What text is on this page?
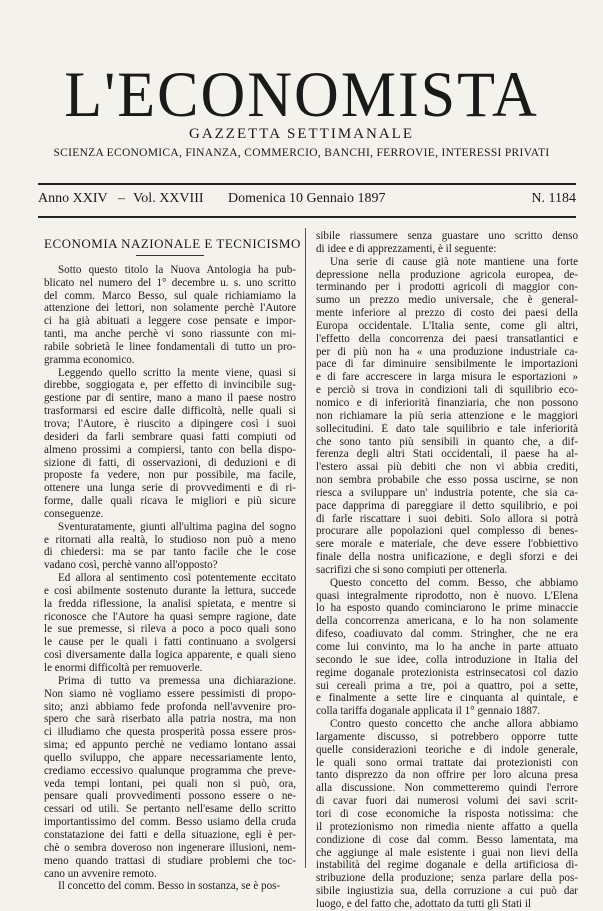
L'ECONOMISTA
GAZZETTA SETTIMANALE
SCIENZA ECONOMICA, FINANZA, COMMERCIO, BANCHI, FERROVIE, INTERESSI PRIVATI
Anno XXIV – Vol. XXVIII Domenica 10 Gennaio 1897	N. 1184
ECONOMIA NAZIONALE E TECNICISMO
Sotto questo titolo la Nuova Antologia ha pub-
blicato nel numero del 1° decembre u. s. uno scritto
del comm. Marco Besso, sul quale richiamiamo la
attenzione dei lettori, non solamente perchè l'Autore
ci ha già abituati a leggere cose pensate e impor-
tanti, ma anche perchè vi sono riassunte con mi-
rabile sobrietà le linee fondamentali di tutto un pro-
gramma economico.
Leggendo quello scritto la mente viene, quasi si
direbbe, soggiogata e, per effetto di invincibile sug-
gestione par di sentire, mano a mano il paese nostro
trasformarsi ed escire dalle difficoltà, nelle quali si
trova; l'Autore, è riuscito a dipingere così i suoi
desideri da farli sembrare quasi fatti compiuti od
almeno prossimi a compiersi, tanto con bella dispo-
sizione di fatti, di osservazioni, di deduzioni e di
proposte fa vedere, non pur possibile, ma facile,
ottenere una lunga serie di provvedimenti e di ri-
forme, dalle quali ricava le migliori e più sicure
conseguenze.
Sventuratamente, giunti all'ultima pagina del sogno
e ritornati alla realtà, lo studioso non può a meno
di chiedersi: ma se par tanto facile che le cose
vadano così, perchè vanno all'opposto?
Ed allora al sentimento così potentemente eccitato
e così abilmente sostenuto durante la lettura, succede
la fredda riflessione, la analisi spietata, e mentre si
riconosce che l'Autore ha quasi sempre ragione, date
le sue premesse, si rileva a poco a poco quali sono
le cause per le quali i fatti continuano a svolgersi
così diversamente dalla logica apparente, e quali sieno
le enormi difficoltà per remuoverle.
Prima di tutto va premessa una dichiarazione.
Non siamo nè vogliamo essere pessimisti di propo-
sito; anzi abbiamo fede profonda nell'avvenire pro-
spero che sarà riserbato alla patria nostra, ma non
ci illudiamo che questa prosperità possa essere pros-
sima; ed appunto perchè ne vediamo lontano assai
quello sviluppo, che appare necessariamente lento,
crediamo eccessivo qualunque programma che preve-
veda tempi lontani, pei quali non si può, ora,
pensare quali provvedimenti possono essere o ne-
cessari od utili. Se pertanto nell'esame dello scritto
importantissimo del comm. Besso usiamo della cruda
constatazione dei fatti e della situazione, egli è per-
chè o sembra doveroso non ingenerare illusioni, nem-
meno quando trattasi di studiare problemi che toc-
cano un avvenire remoto.
Il concetto del comm. Besso in sostanza, se è pos-
sibile riassumere senza guastare uno scritto denso
di idee e di apprezzamenti, è il seguente:
Una serie di cause già note mantiene una forte
depressione nella produzione agricola europea, de-
terminando per i prodotti agricoli di maggior con-
sumo un prezzo medio universale, che è general-
mente inferiore al prezzo di costo dei paesi della
Europa occidentale. L'Italia sente, come gli altri,
l'effetto della concorrenza dei paesi transatlantici e
per di più non ha « una produzione industriale ca-
pace di far diminuire sensibilmente le importazioni
e di fare accrescere in larga misura le esportazioni »
e perciò si trova in condizioni tali di squilibrio eco-
nomico e di inferiorità finanziaria, che non possono
non richiamare la più seria attenzione e le maggiori
sollecitudini. È dato tale squilibrio e tale inferiorità
che sono tanto più sensibili in quanto che, a dif-
ferenza degli altri Stati occidentali, il paese ha al-
l'estero assai più debiti che non vi abbia crediti,
non sembra probabile che esso possa uscirne, se non
riesca a sviluppare un' industria potente, che sia ca-
pace dapprima di pareggiare il detto squilibrio, e poi
di farle riscattare i suoi debiti. Solo allora si potrà
procurare alle popolazioni quel complesso di benes-
sere morale e materiale, che deve essere l'obbiettivo
finale della nostra unificazione, e degli sforzi e dei
sacrifizi che si sono compiuti per ottenerla.
Questo concetto del comm. Besso, che abbiamo
quasi integralmente riprodotto, non è nuovo. L'Elena
lo ha esposto quando cominciarono le prime minaccie
della concorrenza americana, e lo ha non solamente
difeso, coadiuvato dal comm. Stringher, che ne era
come lui convinto, ma lo ha anche in parte attuato
secondo le sue idee, colla introduzione in Italia del
regime doganale protezionista estrinsecatosi col dazio
sui cereali prima a tre, poi a quattro, poi a sette,
e finalmente a sette lire e cinquanta al quintale, e
colla tariffa doganale applicata il 1° gennaio 1887.
Contro questo concetto che anche allora abbiamo
largamente discusso, si potrebbero opporre tutte
quelle considerazioni teoriche e di indole generale,
le quali sono ormai trattate dai protezionisti con
tanto disprezzo da non offrire per loro alcuna presa
alla discussione. Non commetteremo quindi l'errore
di cavar fuori dai numerosi volumi dei savi scrit-
tori di cose economiche la risposta notissima: che
il protezionismo non rimedia niente affatto a quella
condizione di cose dal comm. Besso lamentata, ma
che aggiunge al male esistente i guai non lievi della
instabilità del regime doganale e della artificiosa di-
stribuzione della produzione; senza parlare della pos-
sibile ingiustizia sua, della corruzione a cui può dar
luogo, e del fatto che, adottato da tutti gli Stati il
